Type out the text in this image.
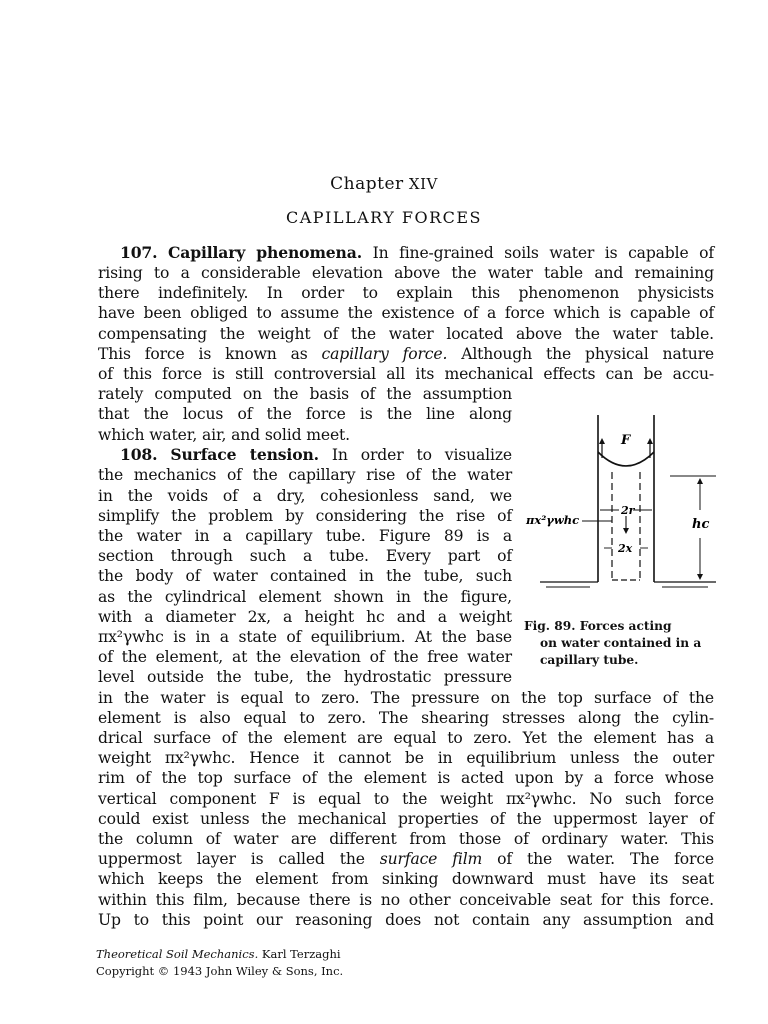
Chapter XIV
CAPILLARY FORCES
107. Capillary phenomena. In fine-grained soils water is capable of
rising to a considerable elevation above the water table and remaining
there indefinitely. In order to explain this phenomenon physicists
have been obliged to assume the existence of a force which is capable of
compensating the weight of the water located above the water table.
This force is known as capillary force. Although the physical nature
of this force is still controversial all its mechanical effects can be accu-
rately computed on the basis of the assumption
that the locus of the force is the line along
which water, air, and solid meet.
108. Surface tension. In order to visualize
the mechanics of the capillary rise of the water
in the voids of a dry, cohesionless sand, we
simplify the problem by considering the rise of
the water in a capillary tube. Figure 89 is a
section through such a tube. Every part of
the body of water contained in the tube, such
as the cylindrical element shown in the figure,
with a diameter 2x, a height hc and a weight
πx²γwhc is in a state of equilibrium. At the base
of the element, at the elevation of the free water
level outside the tube, the hydrostatic pressure
in the water is equal to zero. The pressure on the top surface of the
element is also equal to zero. The shearing stresses along the cylin-
drical surface of the element are equal to zero. Yet the element has a
weight πx²γwhc. Hence it cannot be in equilibrium unless the outer
rim of the top surface of the element is acted upon by a force whose
vertical component F is equal to the weight πx²γwhc. No such force
could exist unless the mechanical properties of the uppermost layer of
the column of water are different from those of ordinary water. This
uppermost layer is called the surface film of the water. The force
which keeps the element from sinking downward must have its seat
within this film, because there is no other conceivable seat for this force.
Up to this point our reasoning does not contain any assumption and
F
2r
πx²γwhc
2x
hc
Fig. 89. Forces acting
on water contained in a
capillary tube.
Theoretical Soil Mechanics. Karl Terzaghi
Copyright © 1943 John Wiley & Sons, Inc.
